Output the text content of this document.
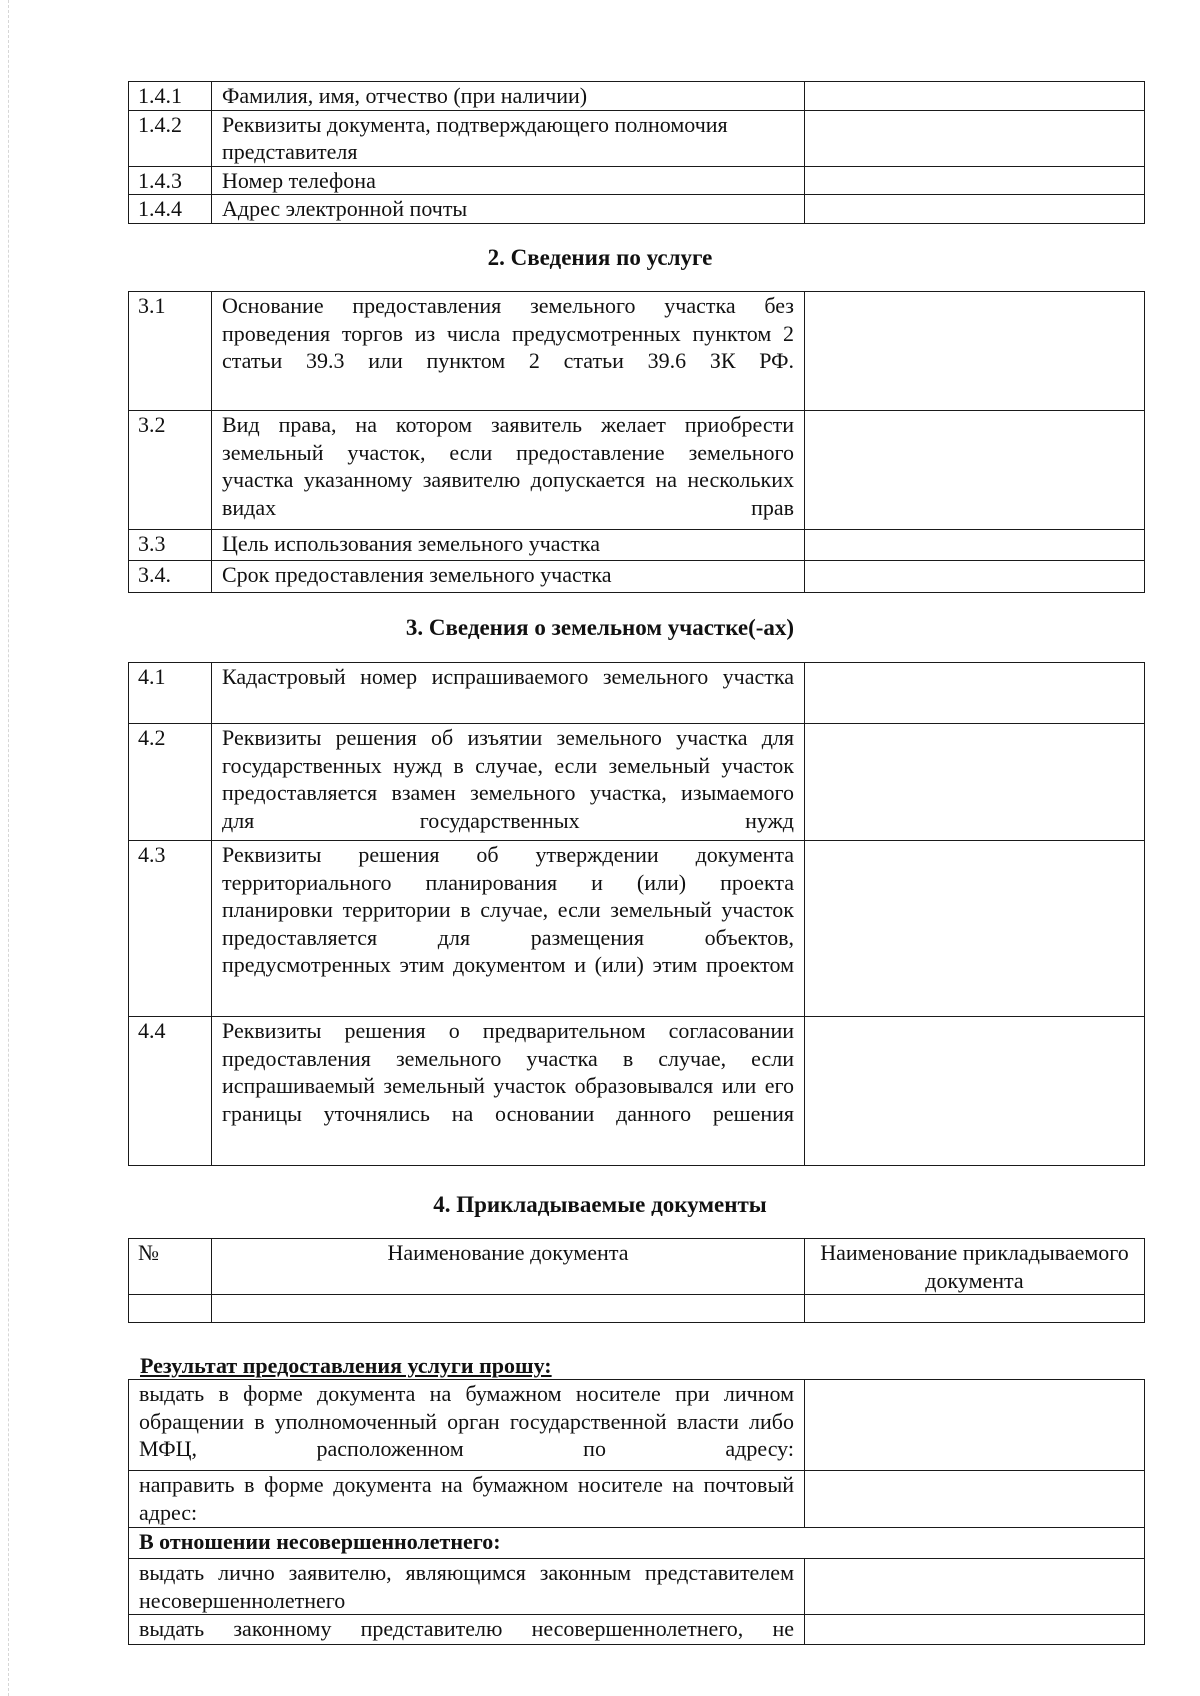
1.4.1	Фамилия, имя, отчество (при наличии)	
1.4.2	Реквизиты документа, подтверждающего полномочия представителя	
1.4.3	Номер телефона	
1.4.4	Адрес электронной почты	
2. Сведения по услуге
3.1	Основание предоставления земельного участка без проведения торгов из числа предусмотренных пунктом 2 статьи 39.3 или пунктом 2 статьи 39.6 ЗК РФ.	
3.2	Вид права, на котором заявитель желает приобрести земельный участок, если предоставление земельного участка указанному заявителю допускается на нескольких видах прав	
3.3	Цель использования земельного участка	
3.4.	Срок предоставления земельного участка	
3. Сведения о земельном участке(-ах)
4.1	Кадастровый номер испрашиваемого земельного участка	
4.2	Реквизиты решения об изъятии земельного участка для государственных нужд в случае, если земельный участок предоставляется взамен земельного участка, изымаемого для государственных нужд	
4.3	Реквизиты решения об утверждении документа территориального планирования и (или) проекта планировки территории в случае, если земельный участок предоставляется для размещения объектов, предусмотренных этим документом и (или) этим проектом	
4.4	Реквизиты решения о предварительном согласовании предоставления земельного участка в случае, если испрашиваемый земельный участок образовывался или его границы уточнялись на основании данного решения	
4. Прикладываемые документы
№	Наименование документа	Наименование прикладываемого документа

Результат предоставления услуги прошу:
выдать в форме документа на бумажном носителе при личном обращении в уполномоченный орган государственной власти либо МФЦ, расположенном по адресу:	
направить в форме документа на бумажном носителе на почтовый адрес:	
В отношении несовершеннолетнего:	
выдать лично заявителю, являющимся законным представителем несовершеннолетнего	
выдать законному представителю несовершеннолетнего, не	
